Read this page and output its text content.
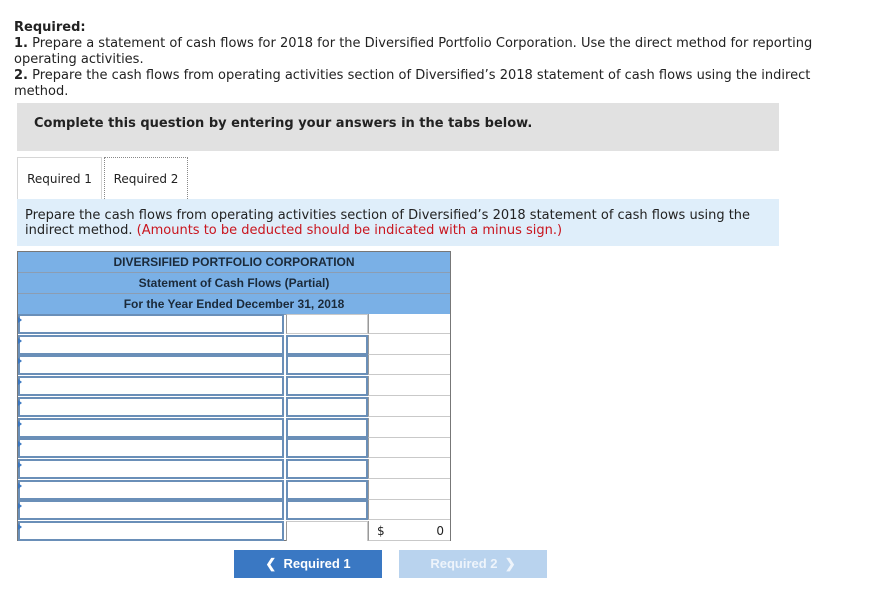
Required:

1. Prepare a statement of cash flows for 2018 for the Diversified Portfolio Corporation. Use the direct method for reporting operating activities.

2. Prepare the cash flows from operating activities section of Diversified’s 2018 statement of cash flows using the indirect method.

Complete this question by entering your answers in the tabs below.
Required 1	Required 2
Prepare the cash flows from operating activities section of Diversified’s 2018 statement of cash flows using the indirect method. (Amounts to be deducted should be indicated with a minus sign.)
DIVERSIFIED PORTFOLIO CORPORATION
Statement of Cash Flows (Partial)
For the Year Ended December 31, 2018
$	0
❮ Required 1	Required 2 ❯
